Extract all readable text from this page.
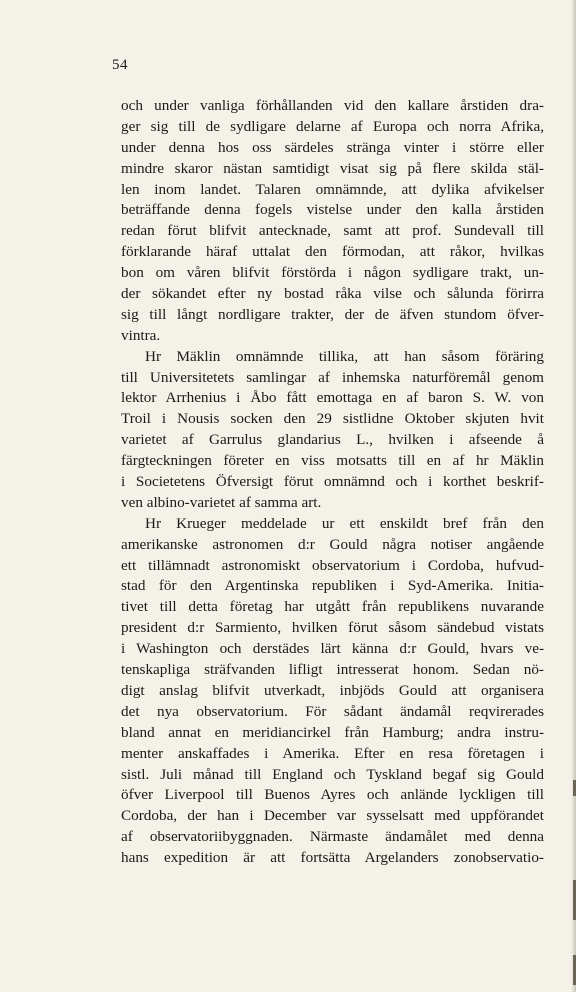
54
och under vanliga förhållanden vid den kallare årstiden dra-
ger sig till de sydligare delarne af Europa och norra Afrika,
under denna hos oss särdeles stränga vinter i större eller
mindre skaror nästan samtidigt visat sig på flere skilda stäl-
len inom landet. Talaren omnämnde, att dylika afvikelser
beträffande denna fogels vistelse under den kalla årstiden
redan förut blifvit antecknade, samt att prof. Sundevall till
förklarande häraf uttalat den förmodan, att råkor, hvilkas
bon om våren blifvit förstörda i någon sydligare trakt, un-
der sökandet efter ny bostad råka vilse och sålunda förirra
sig till långt nordligare trakter, der de äfven stundom öfver-
vintra.
Hr Mäklin omnämnde tillika, att han såsom föräring
till Universitetets samlingar af inhemska naturföremål genom
lektor Arrhenius i Åbo fått emottaga en af baron S. W. von
Troil i Nousis socken den 29 sistlidne Oktober skjuten hvit
varietet af Garrulus glandarius L., hvilken i afseende å
färgteckningen företer en viss motsatts till en af hr Mäklin
i Societetens Öfversigt förut omnämnd och i korthet beskrif-
ven albino-varietet af samma art.
Hr Krueger meddelade ur ett enskildt bref från den
amerikanske astronomen d:r Gould några notiser angående
ett tillämnadt astronomiskt observatorium i Cordoba, hufvud-
stad för den Argentinska republiken i Syd-Amerika. Initia-
tivet till detta företag har utgått från republikens nuvarande
president d:r Sarmiento, hvilken förut såsom sändebud vistats
i Washington och derstädes lärt känna d:r Gould, hvars ve-
tenskapliga sträfvanden lifligt intresserat honom. Sedan nö-
digt anslag blifvit utverkadt, inbjöds Gould att organisera
det nya observatorium. För sådant ändamål reqvirerades
bland annat en meridiancirkel från Hamburg; andra instru-
menter anskaffades i Amerika. Efter en resa företagen i
sistl. Juli månad till England och Tyskland begaf sig Gould
öfver Liverpool till Buenos Ayres och anlände lyckligen till
Cordoba, der han i December var sysselsatt med uppförandet
af observatoriibyggnaden. Närmaste ändamålet med denna
hans expedition är att fortsätta Argelanders zonobservatio-
